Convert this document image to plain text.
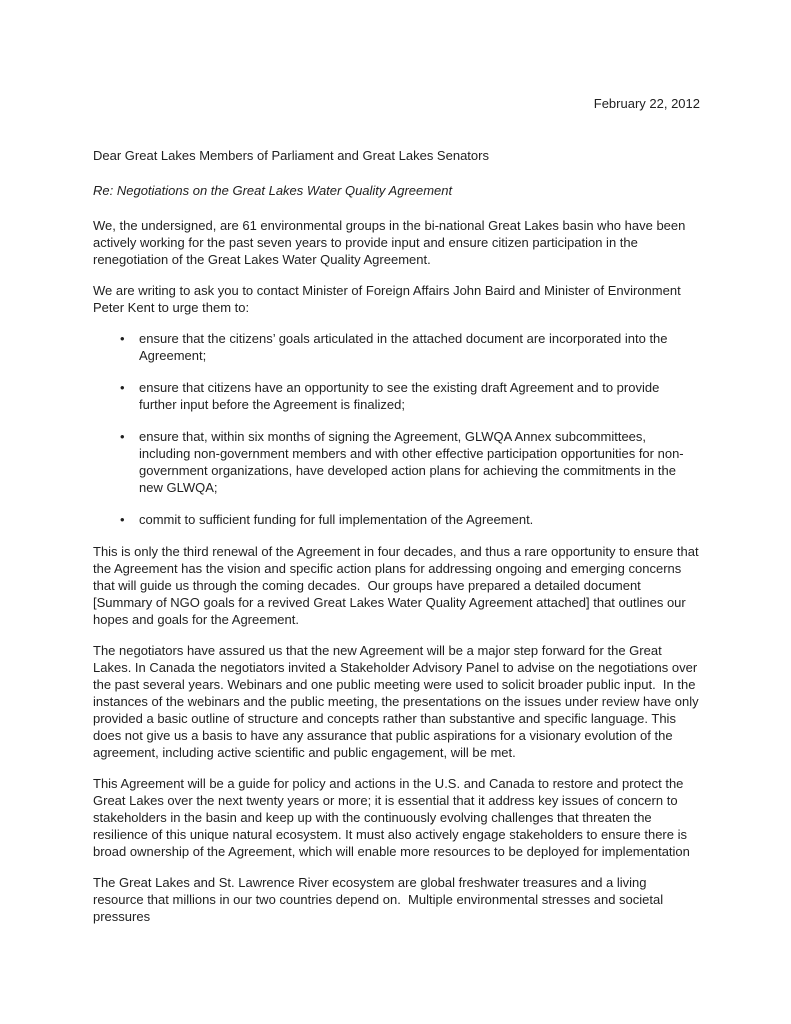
February 22, 2012

Dear Great Lakes Members of Parliament and Great Lakes Senators

Re: Negotiations on the Great Lakes Water Quality Agreement

We, the undersigned, are 61 environmental groups in the bi-national Great Lakes basin who have been actively working for the past seven years to provide input and ensure citizen participation in the renegotiation of the Great Lakes Water Quality Agreement.

We are writing to ask you to contact Minister of Foreign Affairs John Baird and Minister of Environment Peter Kent to urge them to:

•	ensure that the citizens’ goals articulated in the attached document are incorporated into the Agreement;
•	ensure that citizens have an opportunity to see the existing draft Agreement and to provide further input before the Agreement is finalized;
•	ensure that, within six months of signing the Agreement, GLWQA Annex subcommittees, including non-government members and with other effective participation opportunities for non-government organizations, have developed action plans for achieving the commitments in the new GLWQA;
•	commit to sufficient funding for full implementation of the Agreement.

This is only the third renewal of the Agreement in four decades, and thus a rare opportunity to ensure that the Agreement has the vision and specific action plans for addressing ongoing and emerging concerns that will guide us through the coming decades.  Our groups have prepared a detailed document [Summary of NGO goals for a revived Great Lakes Water Quality Agreement attached] that outlines our hopes and goals for the Agreement.

The negotiators have assured us that the new Agreement will be a major step forward for the Great Lakes. In Canada the negotiators invited a Stakeholder Advisory Panel to advise on the negotiations over the past several years. Webinars and one public meeting were used to solicit broader public input.  In the instances of the webinars and the public meeting, the presentations on the issues under review have only provided a basic outline of structure and concepts rather than substantive and specific language. This does not give us a basis to have any assurance that public aspirations for a visionary evolution of the agreement, including active scientific and public engagement, will be met.

This Agreement will be a guide for policy and actions in the U.S. and Canada to restore and protect the Great Lakes over the next twenty years or more; it is essential that it address key issues of concern to stakeholders in the basin and keep up with the continuously evolving challenges that threaten the resilience of this unique natural ecosystem. It must also actively engage stakeholders to ensure there is broad ownership of the Agreement, which will enable more resources to be deployed for implementation

The Great Lakes and St. Lawrence River ecosystem are global freshwater treasures and a living resource that millions in our two countries depend on.  Multiple environmental stresses and societal pressures
